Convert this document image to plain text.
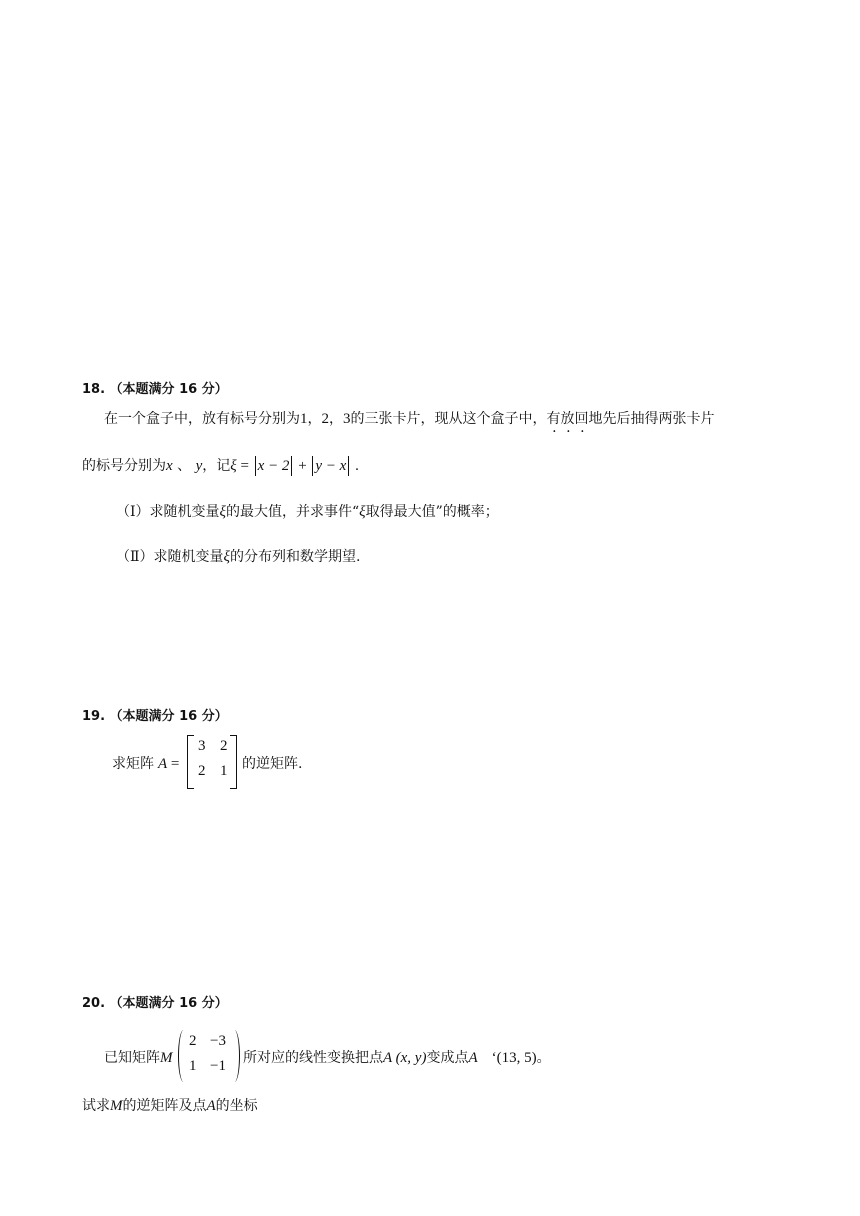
18. （本题满分 16 分）
在一个盒子中，放有标号分别为1，2，3的三张卡片，现从这个盒子中，有放回地先后抽得两张卡片
的标号分别为x 、 y，记ξ = x − 2 + y − x .
（Ⅰ）求随机变量ξ的最大值，并求事件“ξ取得最大值”的概率；
（Ⅱ）求随机变量ξ的分布列和数学期望.
19. （本题满分 16 分）
求矩阵 A =
3 2
2 1 的逆矩阵.
20. （本题满分 16 分）
已知矩阵M
2 −3
1 −1 所对应的线性变换把点A (x, y)变成点A ‘(13, 5)。
试求M的逆矩阵及点A的坐标
